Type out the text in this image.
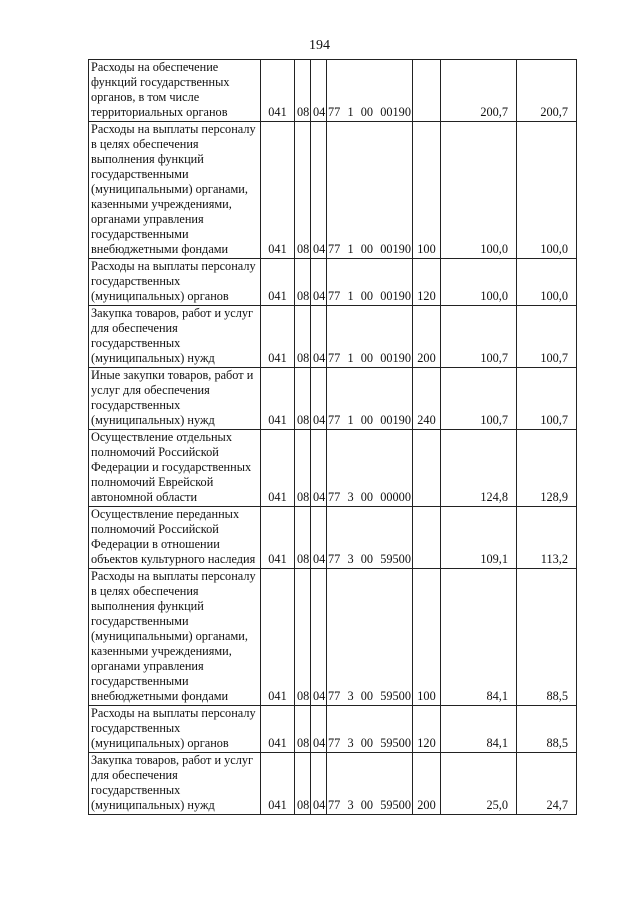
194
Расходы на обеспечение функций государственных органов, в том числе территориальных органов	041	08	04	77 1 00 00190		200,7	200,7
Расходы на выплаты персоналу в целях обеспечения выполнения функций государственными (муниципальными) органами, казенными учреждениями, органами управления государственными внебюджетными фондами	041	08	04	77 1 00 00190	100	100,0	100,0
Расходы на выплаты персоналу государственных (муниципальных) органов	041	08	04	77 1 00 00190	120	100,0	100,0
Закупка товаров, работ и услуг для обеспечения государственных (муниципальных) нужд	041	08	04	77 1 00 00190	200	100,7	100,7
Иные закупки товаров, работ и услуг для обеспечения государственных (муниципальных) нужд	041	08	04	77 1 00 00190	240	100,7	100,7
Осуществление отдельных полномочий Российской Федерации и государственных полномочий Еврейской автономной области	041	08	04	77 3 00 00000		124,8	128,9
Осуществление переданных полномочий Российской Федерации в отношении объектов культурного наследия	041	08	04	77 3 00 59500		109,1	113,2
Расходы на выплаты персоналу в целях обеспечения выполнения функций государственными (муниципальными) органами, казенными учреждениями, органами управления государственными внебюджетными фондами	041	08	04	77 3 00 59500	100	84,1	88,5
Расходы на выплаты персоналу государственных (муниципальных) органов	041	08	04	77 3 00 59500	120	84,1	88,5
Закупка товаров, работ и услуг для обеспечения государственных (муниципальных) нужд	041	08	04	77 3 00 59500	200	25,0	24,7
